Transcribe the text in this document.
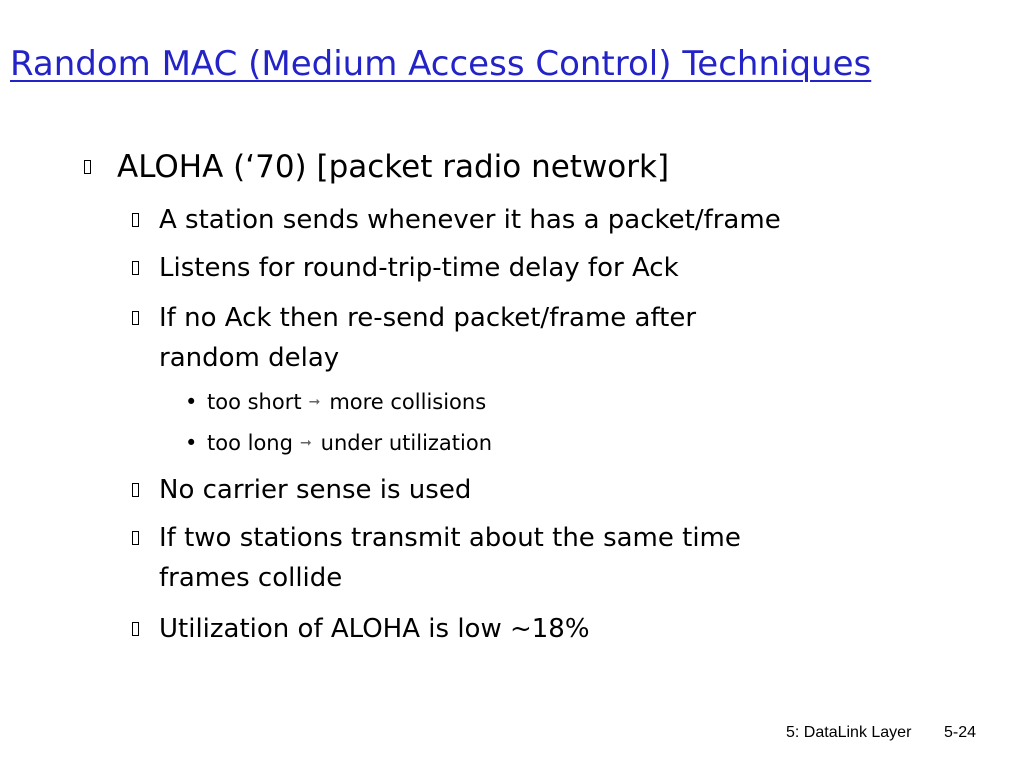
Random MAC (Medium Access Control) Techniques
ALOHA (‘70) [packet radio network]
A station sends whenever it has a packet/frame
Listens for round-trip-time delay for Ack
If no Ack then re-send packet/frame after
random delay
• too short ➞ more collisions
• too long ➞ under utilization
No carrier sense is used
If two stations transmit about the same time
frames collide
Utilization of ALOHA is low ~18%
5: DataLink Layer 5-24
